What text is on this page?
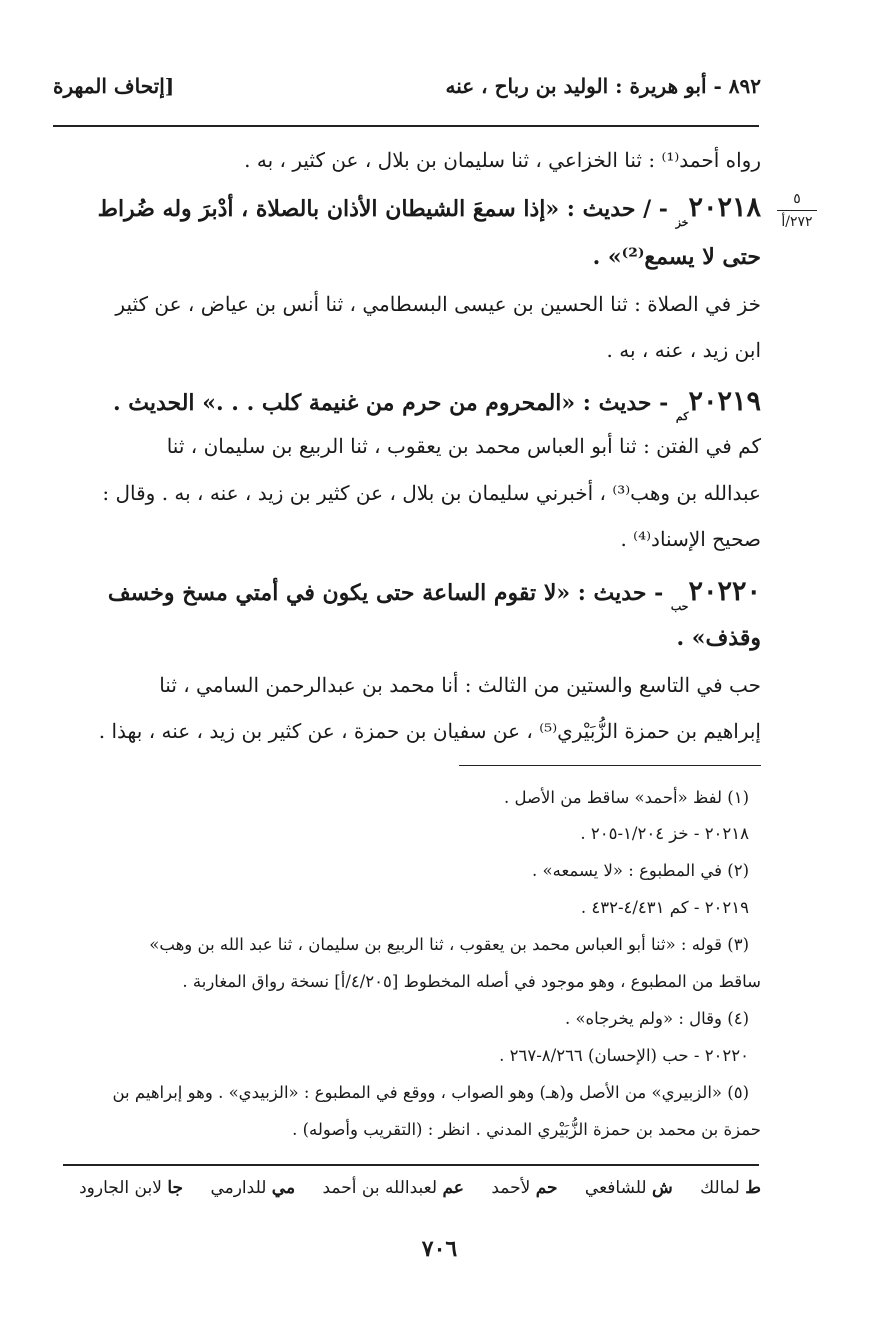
٨٩٢ - أبو هريرة : الوليد بن رباح ، عنه
[إتحاف المهرة
٥
٢٧٢/أ
رواه أحمد⁽¹⁾ : ثنا الخزاعي ، ثنا سليمان بن بلال ، عن كثير ، به .
$٢٠٢١٨_{خز}$ - / حديث : «إذا سمعَ الشيطان الأذان بالصلاة ، أدْبرَ وله ضُراط
حتى لا يسمع⁽²⁾» .
خز في الصلاة : ثنا الحسين بن عيسى البسطامي ، ثنا أنس بن عياض ، عن كثير
ابن زيد ، عنه ، به .
$٢٠٢١٩_{كم}$ - حديث : «المحروم من حرم من غنيمة كلب . . .» الحديث .
كم في الفتن : ثنا أبو العباس محمد بن يعقوب ، ثنا الربيع بن سليمان ، ثنا
عبدالله بن وهب⁽³⁾ ، أخبرني سليمان بن بلال ، عن كثير بن زيد ، عنه ، به . وقال :
صحيح الإسناد⁽⁴⁾ .
$٢٠٢٢٠_{حب}$ - حديث : «لا تقوم الساعة حتى يكون في أمتي مسخ وخسف
وقذف» .
حب في التاسع والستين من الثالث : أنا محمد بن عبدالرحمن السامي ، ثنا
إبراهيم بن حمزة الزُّبَيْري⁽⁵⁾ ، عن سفيان بن حمزة ، عن كثير بن زيد ، عنه ، بهذا .
(١) لفظ «أحمد» ساقط من الأصل .
٢٠٢١٨ - خز ١/٢٠٤-٢٠٥ .
(٢) في المطبوع : «لا يسمعه» .
٢٠٢١٩ - كم ٤/٤٣١-٤٣٢ .
(٣) قوله : «ثنا أبو العباس محمد بن يعقوب ، ثنا الربيع بن سليمان ، ثنا عبد الله بن وهب»
ساقط من المطبوع ، وهو موجود في أصله المخطوط [٤/٢٠٥/أ] نسخة رواق المغاربة .
(٤) وقال : «ولم يخرجاه» .
٢٠٢٢٠ - حب (الإحسان) ٨/٢٦٦-٢٦٧ .
(٥) «الزبيري» من الأصل و(هـ) وهو الصواب ، ووقع في المطبوع : «الزبيدي» . وهو إبراهيم بن
حمزة بن محمد بن حمزة الزُّبَيْري المدني . انظر : (التقريب وأصوله) .
ط لمالك ش للشافعي حم لأحمد عم لعبدالله بن أحمد مي للدارمي جا لابن الجارود
٧٠٦
